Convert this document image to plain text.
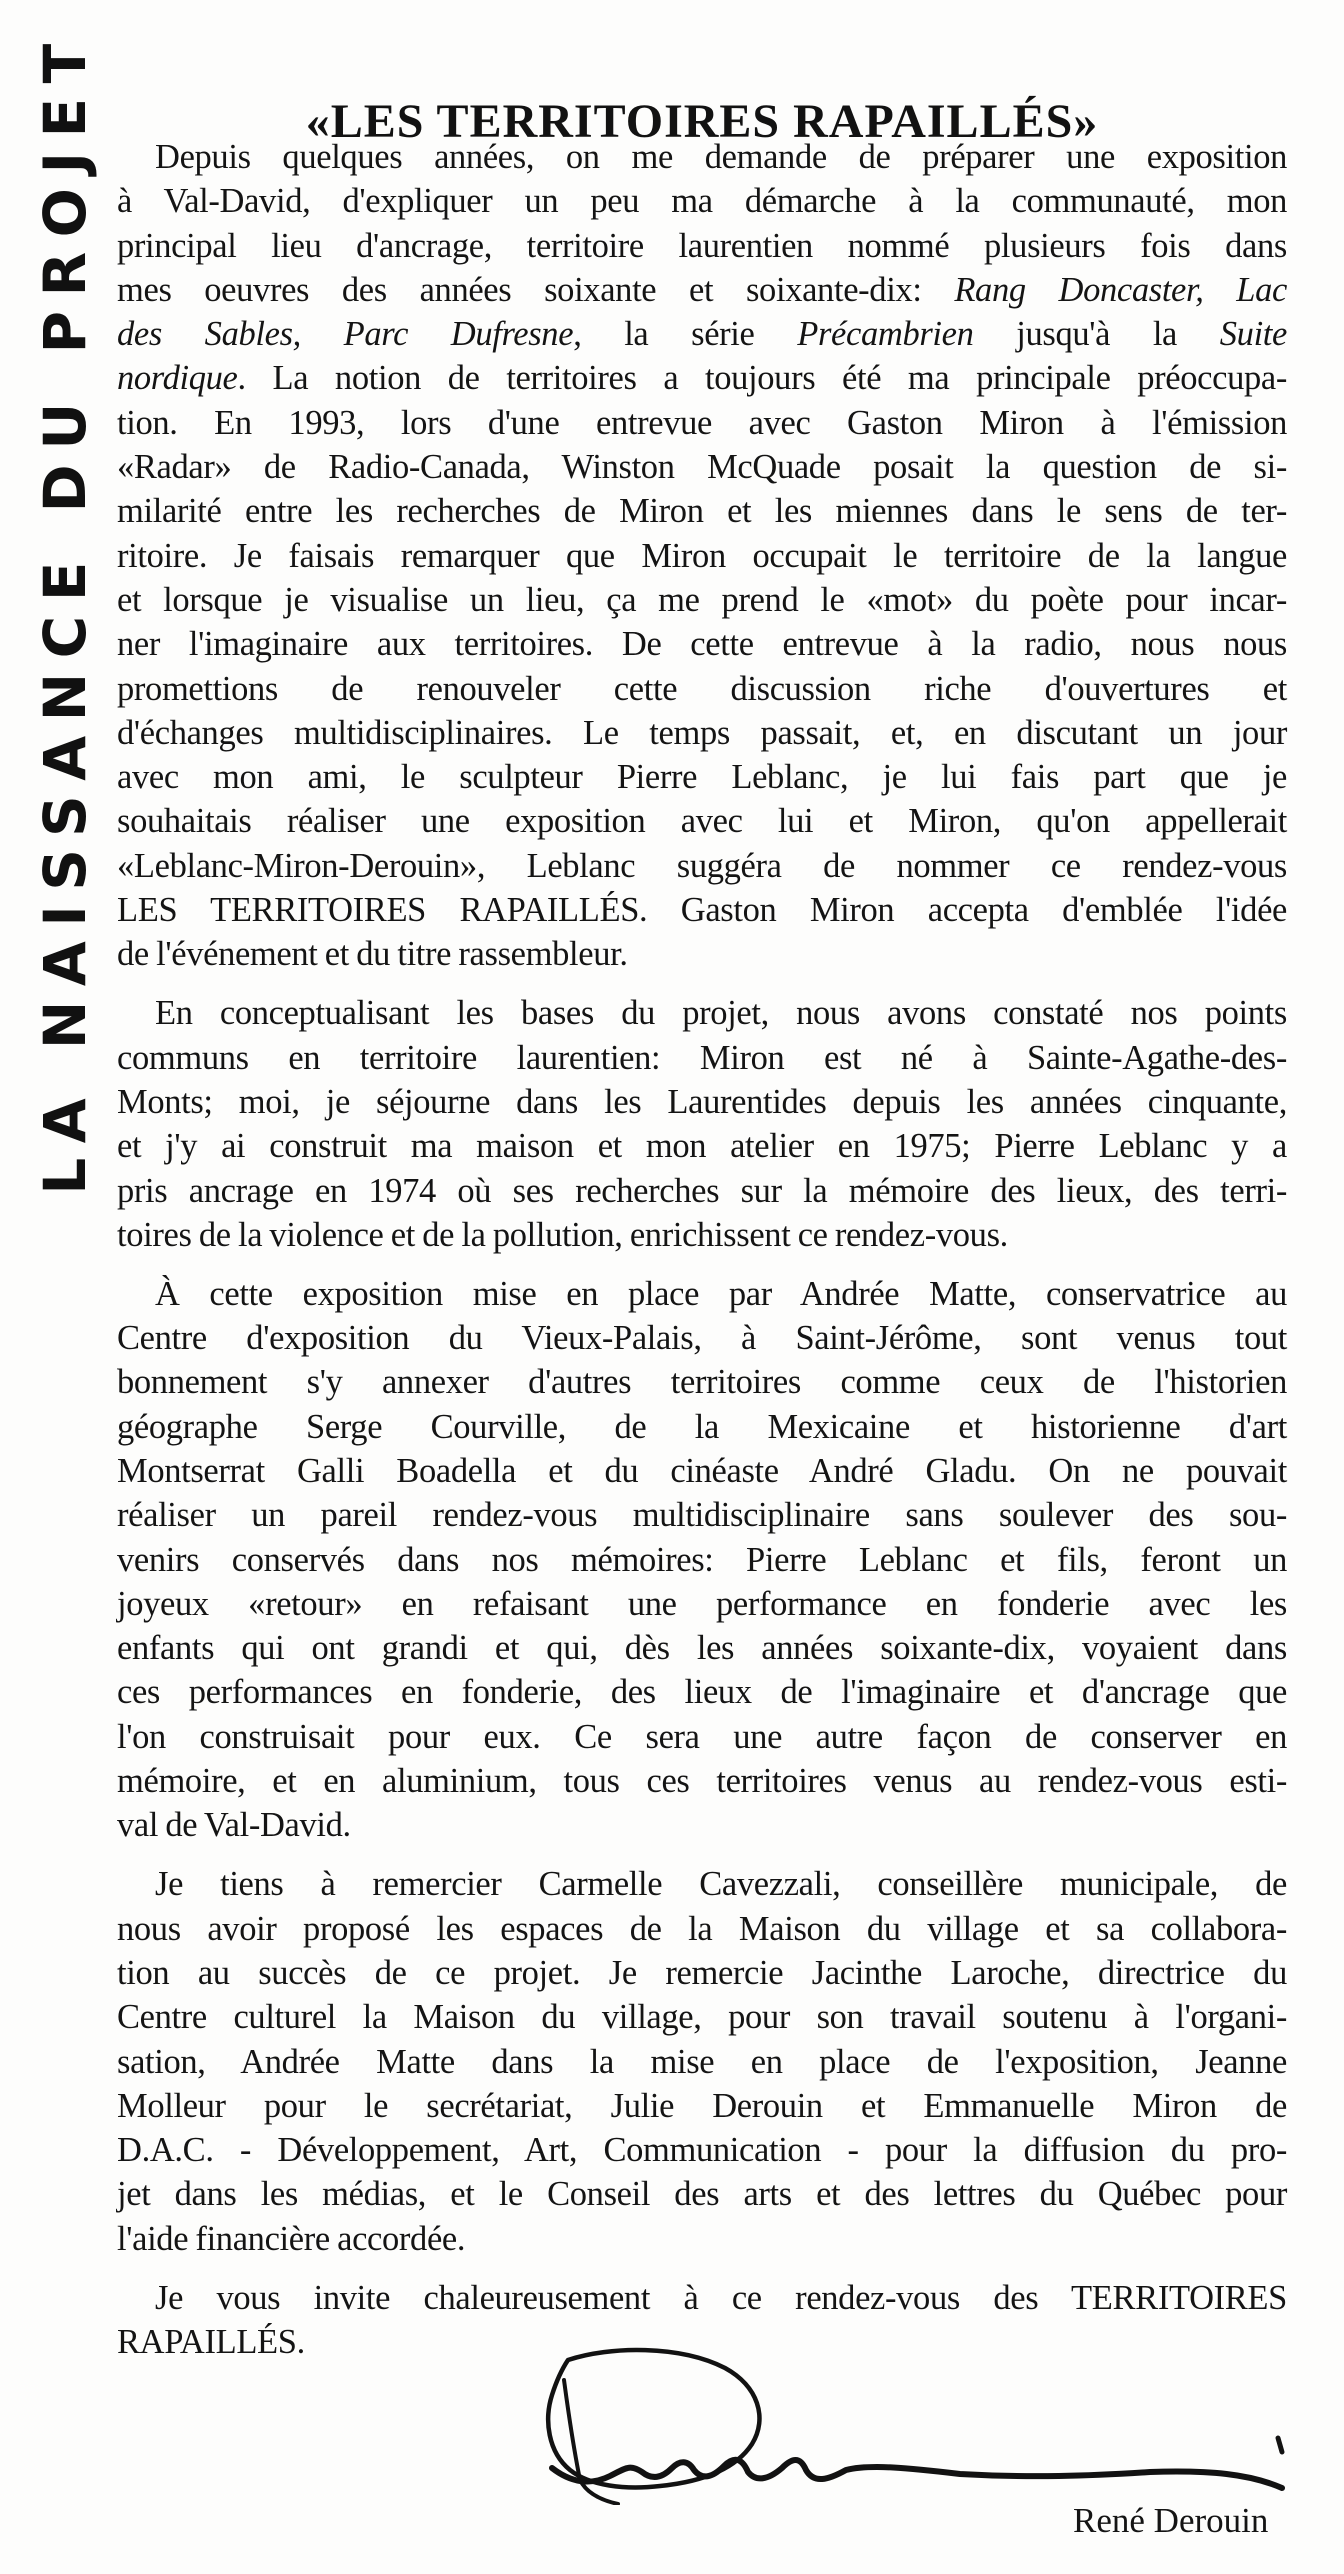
LA NAISSANCE DU PROJET	«LES TERRITOIRES RAPAILLÉS»
Depuis quelques années, on me demande de préparer une exposition
à Val-David, d'expliquer un peu ma démarche à la communauté, mon
principal lieu d'ancrage, territoire laurentien nommé plusieurs fois dans
mes oeuvres des années soixante et soixante-dix: Rang Doncaster, Lac
des Sables, Parc Dufresne, la série Précambrien jusqu'à la Suite
nordique. La notion de territoires a toujours été ma principale préoccupa-
tion. En 1993, lors d'une entrevue avec Gaston Miron à l'émission
«Radar» de Radio-Canada, Winston McQuade posait la question de si-
milarité entre les recherches de Miron et les miennes dans le sens de ter-
ritoire. Je faisais remarquer que Miron occupait le territoire de la langue
et lorsque je visualise un lieu, ça me prend le «mot» du poète pour incar-
ner l'imaginaire aux territoires. De cette entrevue à la radio, nous nous
promettions de renouveler cette discussion riche d'ouvertures et
d'échanges multidisciplinaires. Le temps passait, et, en discutant un jour
avec mon ami, le sculpteur Pierre Leblanc, je lui fais part que je
souhaitais réaliser une exposition avec lui et Miron, qu'on appellerait
«Leblanc-Miron-Derouin», Leblanc suggéra de nommer ce rendez-vous
LES TERRITOIRES RAPAILLÉS. Gaston Miron accepta d'emblée l'idée
de l'événement et du titre rassembleur.
En conceptualisant les bases du projet, nous avons constaté nos points
communs en territoire laurentien: Miron est né à Sainte-Agathe-des-
Monts; moi, je séjourne dans les Laurentides depuis les années cinquante,
et j'y ai construit ma maison et mon atelier en 1975; Pierre Leblanc y a
pris ancrage en 1974 où ses recherches sur la mémoire des lieux, des terri-
toires de la violence et de la pollution, enrichissent ce rendez-vous.
À cette exposition mise en place par Andrée Matte, conservatrice au
Centre d'exposition du Vieux-Palais, à Saint-Jérôme, sont venus tout
bonnement s'y annexer d'autres territoires comme ceux de l'historien
géographe Serge Courville, de la Mexicaine et historienne d'art
Montserrat Galli Boadella et du cinéaste André Gladu. On ne pouvait
réaliser un pareil rendez-vous multidisciplinaire sans soulever des sou-
venirs conservés dans nos mémoires: Pierre Leblanc et fils, feront un
joyeux «retour» en refaisant une performance en fonderie avec les
enfants qui ont grandi et qui, dès les années soixante-dix, voyaient dans
ces performances en fonderie, des lieux de l'imaginaire et d'ancrage que
l'on construisait pour eux. Ce sera une autre façon de conserver en
mémoire, et en aluminium, tous ces territoires venus au rendez-vous esti-
val de Val-David.
Je tiens à remercier Carmelle Cavezzali, conseillère municipale, de
nous avoir proposé les espaces de la Maison du village et sa collabora-
tion au succès de ce projet. Je remercie Jacinthe Laroche, directrice du
Centre culturel la Maison du village, pour son travail soutenu à l'organi-
sation, Andrée Matte dans la mise en place de l'exposition, Jeanne
Molleur pour le secrétariat, Julie Derouin et Emmanuelle Miron de
D.A.C. - Développement, Art, Communication - pour la diffusion du pro-
jet dans les médias, et le Conseil des arts et des lettres du Québec pour
l'aide financière accordée.
Je vous invite chaleureusement à ce rendez-vous des TERRITOIRES
RAPAILLÉS.
René Derouin
